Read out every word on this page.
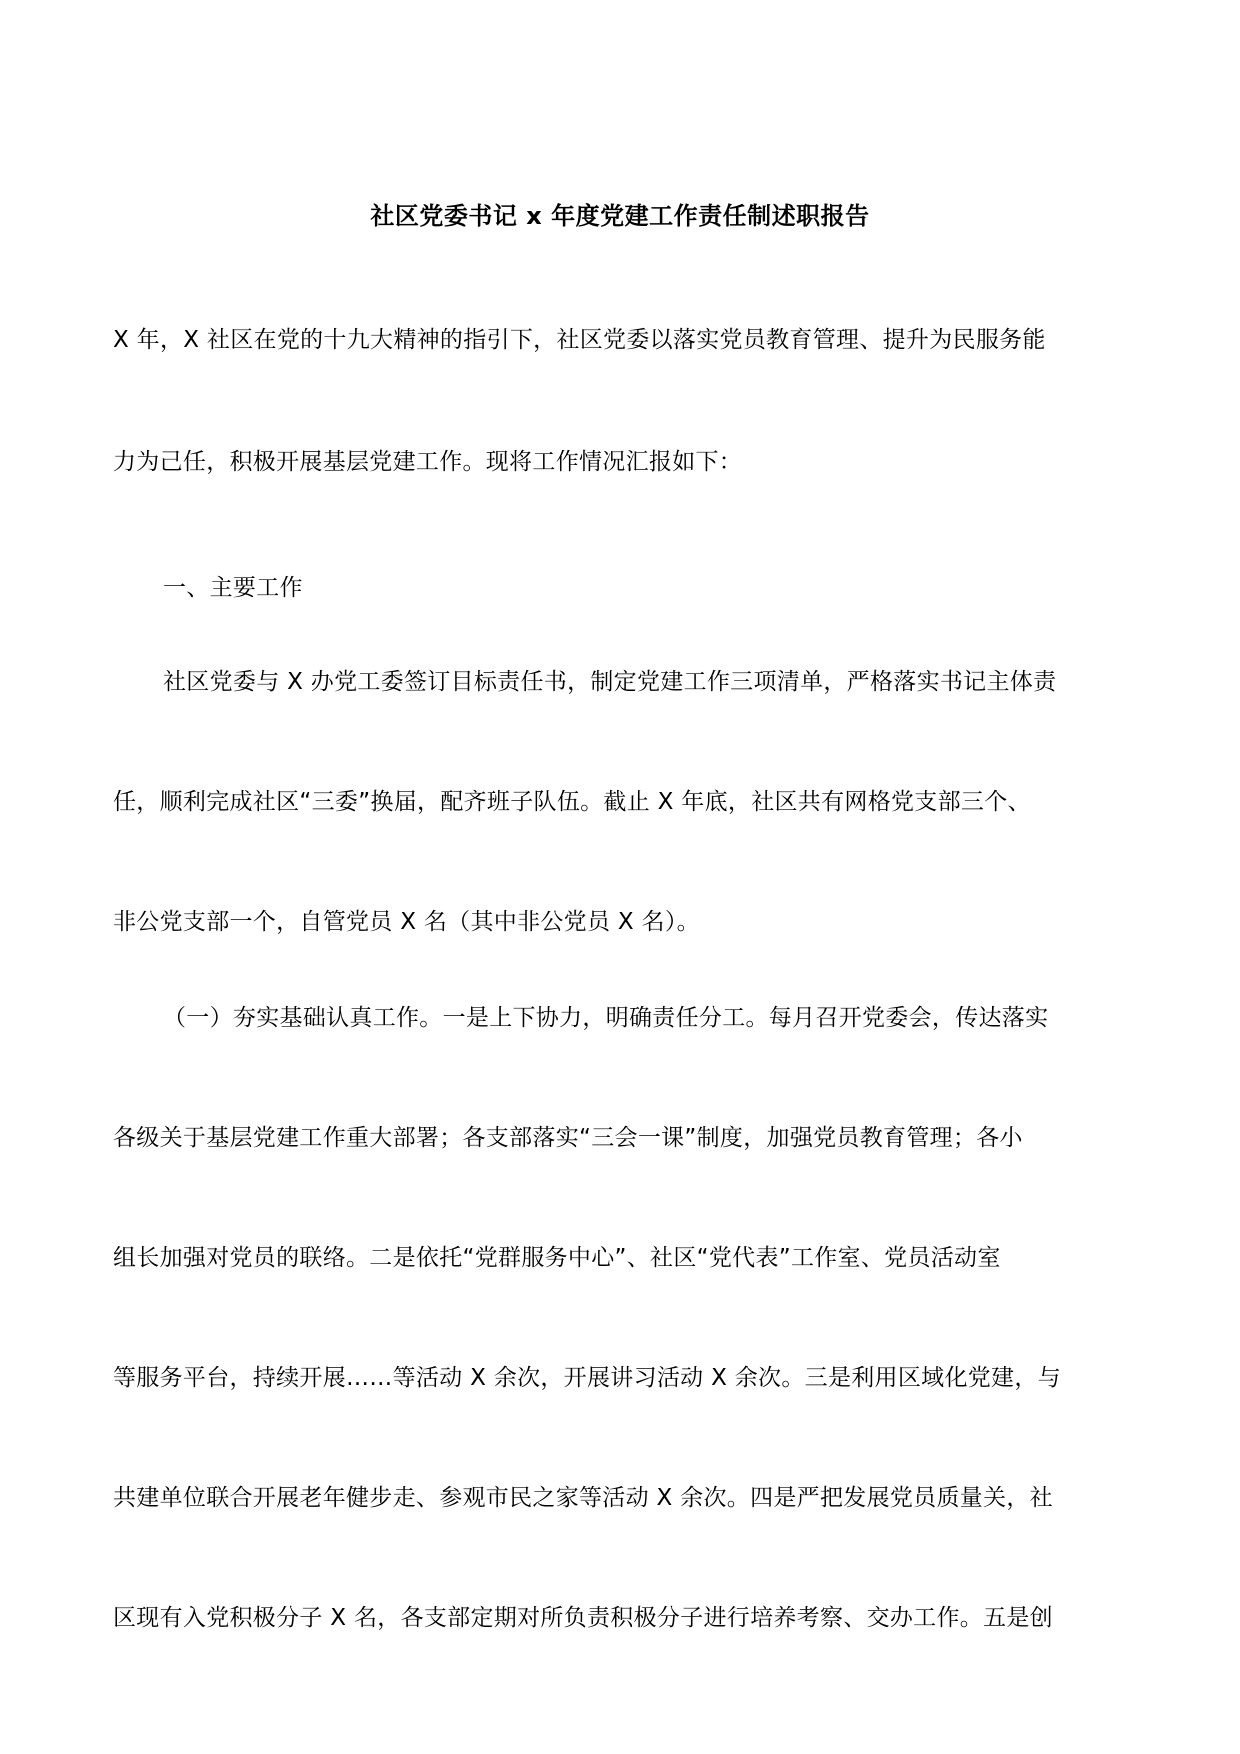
社区党委书记 x 年度党建工作责任制述职报告
X 年，X 社区在党的十九大精神的指引下，社区党委以落实党员教育管理、提升为民服务能
力为己任，积极开展基层党建工作。现将工作情况汇报如下：
一、主要工作
社区党委与 X 办党工委签订目标责任书，制定党建工作三项清单，严格落实书记主体责
任，顺利完成社区“三委”换届，配齐班子队伍。截止 X 年底，社区共有网格党支部三个、
非公党支部一个，自管党员 X 名（其中非公党员 X 名）。
（一）夯实基础认真工作。一是上下协力，明确责任分工。每月召开党委会，传达落实
各级关于基层党建工作重大部署；各支部落实“三会一课”制度，加强党员教育管理；各小
组长加强对党员的联络。二是依托“党群服务中心”、社区“党代表”工作室、党员活动室
等服务平台，持续开展……等活动 X 余次，开展讲习活动 X 余次。三是利用区域化党建，与
共建单位联合开展老年健步走、参观市民之家等活动 X 余次。四是严把发展党员质量关，社
区现有入党积极分子 X 名，各支部定期对所负责积极分子进行培养考察、交办工作。五是创
